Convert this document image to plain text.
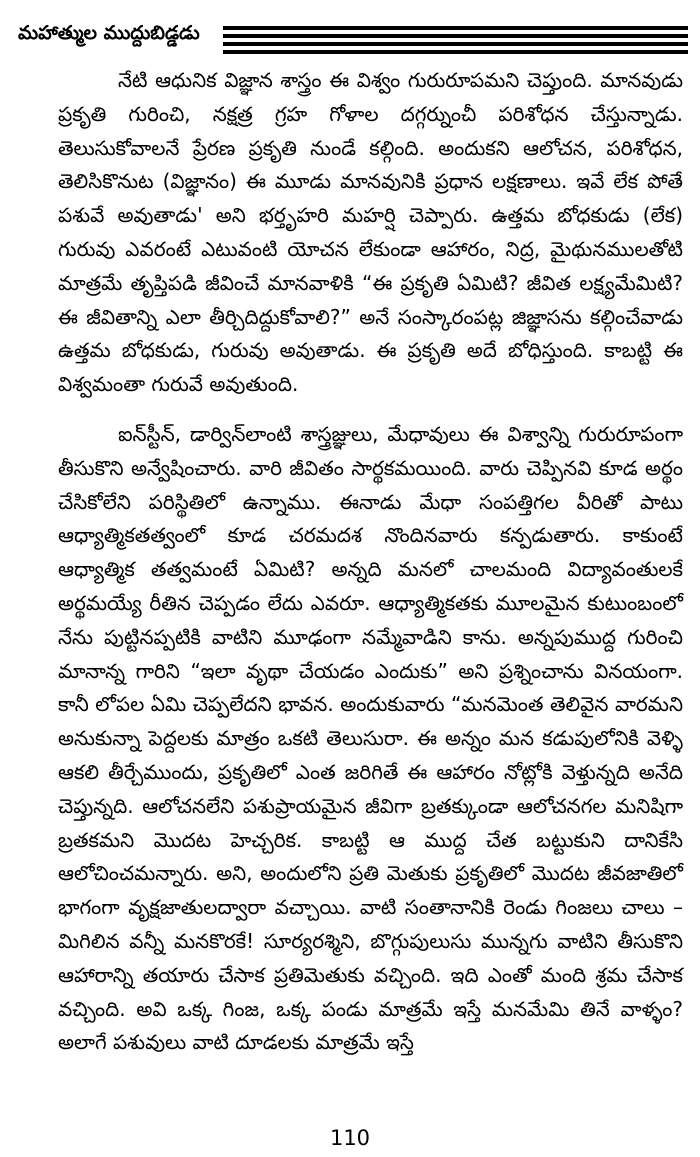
మహాత్ముల ముద్దుబిడ్డడు

నేటి ఆధునిక విజ్ఞాన శాస్త్రం ఈ విశ్వం గురురూపమని చెప్తుంది. మానవుడు ప్రకృతి గురించి, నక్షత్ర గ్రహ గోళాల దగ్గర్నుంచీ పరిశోధన చేస్తున్నాడు. తెలుసుకోవాలనే ప్రేరణ ప్రకృతి నుండే కల్గింది. అందుకని ఆలోచన, పరిశోధన, తెలిసికొనుట (విజ్ఞానం) ఈ మూడు మానవునికి ప్రధాన లక్షణాలు. ఇవే లేక పోతే పశువే అవుతాడు' అని భర్తృహరి మహర్షి చెప్పారు. ఉత్తమ బోధకుడు (లేక) గురువు ఎవరంటే ఎటువంటి యోచన లేకుండా ఆహారం, నిద్ర, మైథునములతోటి మాత్రమే తృప్తిపడి జీవించే మానవాళికి “ఈ ప్రకృతి ఏమిటి? జీవిత లక్ష్యమేమిటి? ఈ జీవితాన్ని ఎలా తీర్చిదిద్దుకోవాలి?” అనే సంస్కారంపట్ల జిజ్ఞాసను కల్గించేవాడు ఉత్తమ బోధకుడు, గురువు అవుతాడు. ఈ ప్రకృతి అదే బోధిస్తుంది. కాబట్టి ఈ విశ్వమంతా గురువే అవుతుంది.

ఐన్‌స్టీన్, డార్విన్‌లాంటి శాస్త్రజ్ఞులు, మేధావులు ఈ విశ్వాన్ని గురురూపంగా తీసుకొని అన్వేషించారు. వారి జీవితం సార్థకమయింది. వారు చెప్పినవి కూడ అర్థం చేసికోలేని పరిస్థితిలో ఉన్నాము. ఈనాడు మేధా సంపత్తిగల వీరితో పాటు ఆధ్యాత్మికతత్వంలో కూడ చరమదశ నొందినవారు కన్పడుతారు. కాకుంటే ఆధ్యాత్మిక తత్వమంటే ఏమిటి? అన్నది మనలో చాలమంది విద్యావంతులకే అర్థమయ్యే రీతిన చెప్పడం లేదు ఎవరూ. ఆధ్యాత్మికతకు మూలమైన కుటుంబంలో నేను పుట్టినప్పటికి వాటిని మూఢంగా నమ్మేవాడిని కాను. అన్నపుముద్ద గురించి మానాన్న గారిని “ఇలా వృథా చేయడం ఎందుకు” అని ప్రశ్నించాను వినయంగా. కానీ లోపల ఏమి చెప్పలేదని భావన. అందుకువారు “మనమెంత తెలివైన వారమని అనుకున్నా పెద్దలకు మాత్రం ఒకటి తెలుసురా. ఈ అన్నం మన కడుపులోనికి వెళ్ళి ఆకలి తీర్చేముందు, ప్రకృతిలో ఎంత జరిగితే ఈ ఆహారం నోట్లోకి వెళ్తున్నది అనేది చెప్తున్నది. ఆలోచనలేని పశుప్రాయమైన జీవిగా బ్రతక్కుండా ఆలోచనగల మనిషిగా బ్రతకమని మొదట హెచ్చరిక. కాబట్టి ఆ ముద్ద చేత బట్టుకుని దానికేసి ఆలోచించమన్నారు. అని, అందులోని ప్రతి మెతుకు ప్రకృతిలో మొదట జీవజాతిలో భాగంగా వృక్షజాతులద్వారా వచ్చాయి. వాటి సంతానానికి రెండు గింజలు చాలు – మిగిలిన వన్నీ మనకొరకే! సూర్యరశ్మిని, బొగ్గుపులుసు మున్నగు వాటిని తీసుకొని ఆహారాన్ని తయారు చేసాక ప్రతిమెతుకు వచ్చింది. ఇది ఎంతో మంది శ్రమ చేసాక వచ్చింది. అవి ఒక్క గింజ, ఒక్క పండు మాత్రమే ఇస్తే మనమేమి తినే వాళ్ళం? అలాగే పశువులు వాటి దూడలకు మాత్రమే ఇస్తే

110
